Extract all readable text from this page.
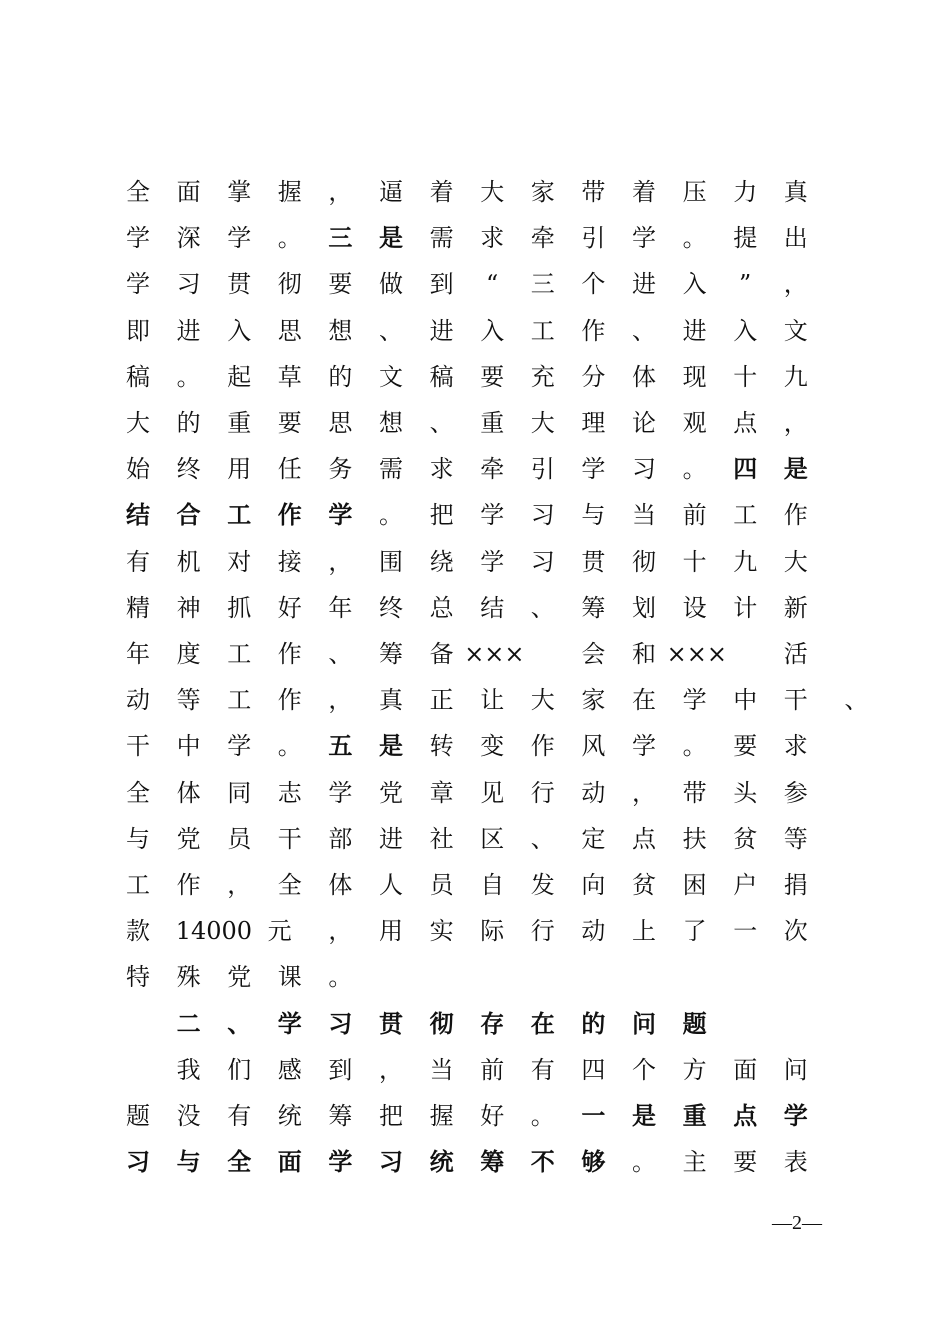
全 面 掌 握 ， 逼 着 大 家 带 着 压 力 真
学 深 学 。 三 是 需 求 牵 引 学 。 提 出
学 习 贯 彻 要 做 到	“	三 个 进 入	”	，
即 进 入 思 想 、 进 入 工 作 、 进 入 文
稿 。 起 草 的 文 稿 要 充 分 体 现 十 九
大 的 重 要 思 想 、 重 大 理 论 观 点 ，
始 终 用 任 务 需 求 牵 引 学 习 。 四 是
结 合 工 作 学 。 把 学 习 与 当 前 工 作
有 机 对 接 ， 围 绕 学 习 贯 彻 十 九 大
精 神 抓 好 年 终 总 结 、 筹 划 设 计 新
年 度 工 作 、 筹 备 ××× 会 和 ××× 活
动 等 工 作 ， 真 正 让 大 家 在 学 中 干 、
干 中 学 。 五 是 转 变 作 风 学 。 要 求
全 体 同 志 学 党 章 见 行 动 ， 带 头 参
与 党 员 干 部 进 社 区 、 定 点 扶 贫 等
工 作 ， 全 体 人 员 自 发 向 贫 困 户 捐
款 14000 元 ， 用 实 际 行 动 上 了 一 次
特 殊 党 课 。
二 、 学 习 贯 彻 存 在 的 问 题
我 们 感 到 ， 当 前 有 四 个 方 面 问
题 没 有 统 筹 把 握 好 。 一 是 重 点 学
习 与 全 面 学 习 统 筹 不 够 。 主 要 表
—2—
